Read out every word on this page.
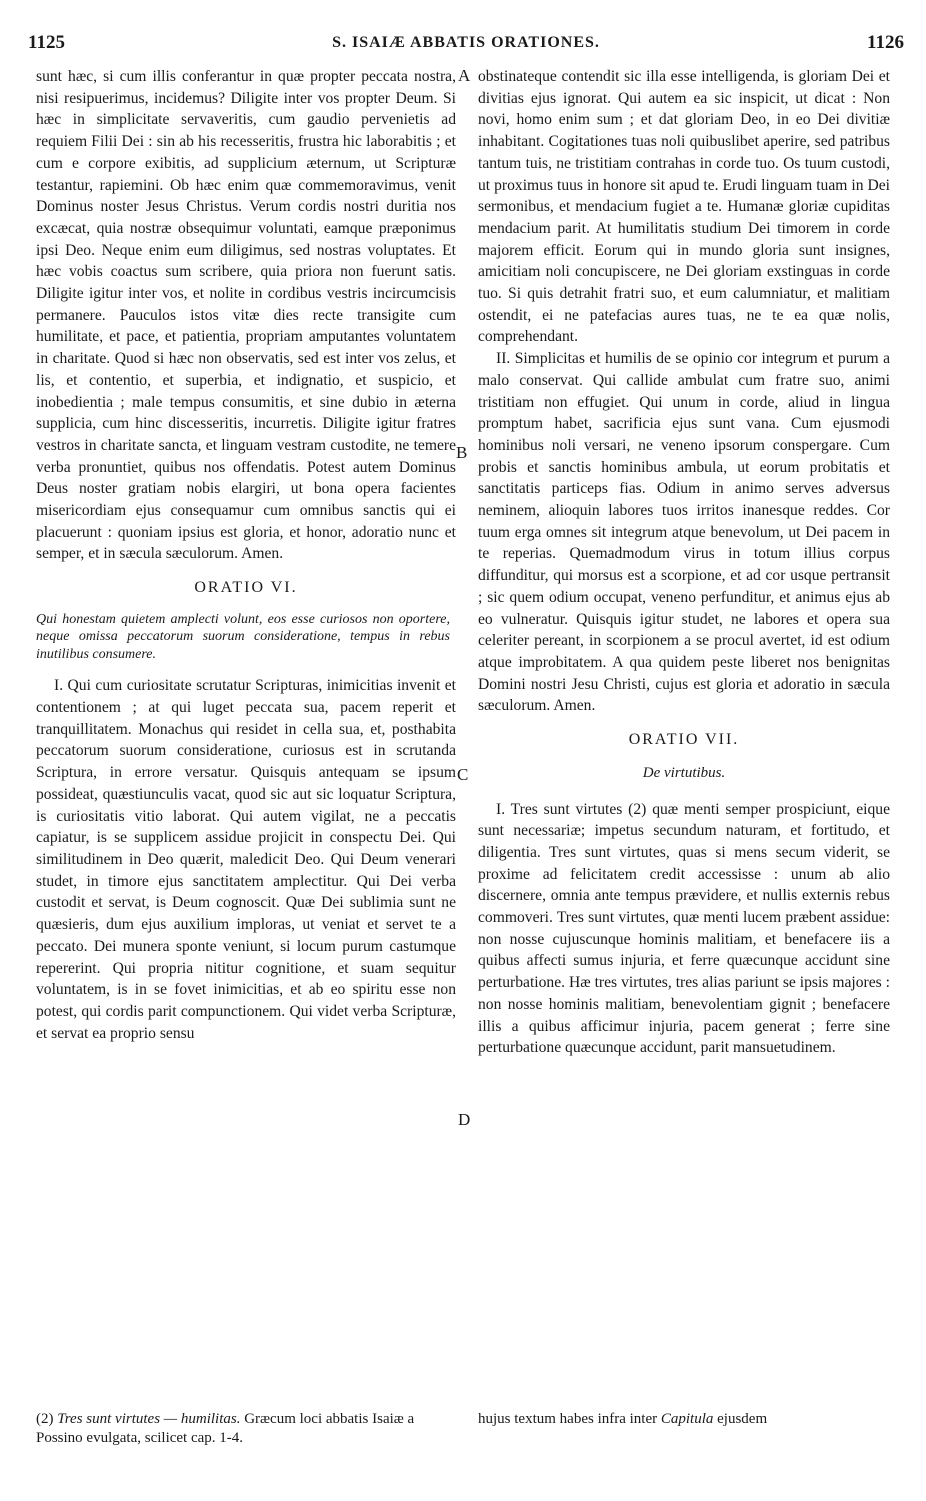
1125	S. ISAIÆ ABBATIS ORATIONES.	1126
A
B
C
D

sunt hæc, si cum illis conferantur in quæ propter peccata nostra, nisi resipuerimus, incidemus? Diligite inter vos propter Deum. Si hæc in simplicitate servaveritis, cum gaudio pervenietis ad requiem Filii Dei : sin ab his recesseritis, frustra hic laborabitis ; et cum e corpore exibitis, ad supplicium æternum, ut Scripturæ testantur, rapiemini. Ob hæc enim quæ commemoravimus, venit Dominus noster Jesus Christus. Verum cordis nostri duritia nos excæcat, quia nostræ obsequimur voluntati, eamque præponimus ipsi Deo. Neque enim eum diligimus, sed nostras voluptates. Et hæc vobis coactus sum scribere, quia priora non fuerunt satis. Diligite igitur inter vos, et nolite in cordibus vestris incircumcisis permanere. Pauculos istos vitæ dies recte transigite cum humilitate, et pace, et patientia, propriam amputantes voluntatem in charitate. Quod si hæc non observatis, sed est inter vos zelus, et lis, et contentio, et superbia, et indignatio, et suspicio, et inobedientia ; male tempus consumitis, et sine dubio in æterna supplicia, cum hinc discesseritis, incurretis. Diligite igitur fratres vestros in charitate sancta, et linguam vestram custodite, ne temere verba pronuntiet, quibus nos offendatis. Potest autem Dominus Deus noster gratiam nobis elargiri, ut bona opera facientes misericordiam ejus consequamur cum omnibus sanctis qui ei placuerunt : quoniam ipsius est gloria, et honor, adoratio nunc et semper, et in sæcula sæculorum. Amen.

ORATIO VI.
Qui honestam quietem amplecti volunt, eos esse curiosos non oportere, neque omissa peccatorum suorum consideratione, tempus in rebus inutilibus consumere.

I. Qui cum curiositate scrutatur Scripturas, inimicitias invenit et contentionem ; at qui luget peccata sua, pacem reperit et tranquillitatem. Monachus qui residet in cella sua, et, posthabita peccatorum suorum consideratione, curiosus est in scrutanda Scriptura, in errore versatur. Quisquis antequam se ipsum possideat, quæstiunculis vacat, quod sic aut sic loquatur Scriptura, is curiositatis vitio laborat. Qui autem vigilat, ne a peccatis capiatur, is se supplicem assidue projicit in conspectu Dei. Qui similitudinem in Deo quærit, maledicit Deo. Qui Deum venerari studet, in timore ejus sanctitatem amplectitur. Qui Dei verba custodit et servat, is Deum cognoscit. Quæ Dei sublimia sunt ne quæsieris, dum ejus auxilium imploras, ut veniat et servet te a peccato. Dei munera sponte veniunt, si locum purum castumque repererint. Qui propria nititur cognitione, et suam sequitur voluntatem, is in se fovet inimicitias, et ab eo spiritu esse non potest, qui cordis parit compunctionem. Qui videt verba Scripturæ, et servat ea proprio sensu

obstinateque contendit sic illa esse intelligenda, is gloriam Dei et divitias ejus ignorat. Qui autem ea sic inspicit, ut dicat : Non novi, homo enim sum ; et dat gloriam Deo, in eo Dei divitiæ inhabitant. Cogitationes tuas noli quibuslibet aperire, sed patribus tantum tuis, ne tristitiam contrahas in corde tuo. Os tuum custodi, ut proximus tuus in honore sit apud te. Erudi linguam tuam in Dei sermonibus, et mendacium fugiet a te. Humanæ gloriæ cupiditas mendacium parit. At humilitatis studium Dei timorem in corde majorem efficit. Eorum qui in mundo gloria sunt insignes, amicitiam noli concupiscere, ne Dei gloriam exstinguas in corde tuo. Si quis detrahit fratri suo, et eum calumniatur, et malitiam ostendit, ei ne patefacias aures tuas, ne te ea quæ nolis, comprehendant.

II. Simplicitas et humilis de se opinio cor integrum et purum a malo conservat. Qui callide ambulat cum fratre suo, animi tristitiam non effugiet. Qui unum in corde, aliud in lingua promptum habet, sacrificia ejus sunt vana. Cum ejusmodi hominibus noli versari, ne veneno ipsorum conspergare. Cum probis et sanctis hominibus ambula, ut eorum probitatis et sanctitatis particeps fias. Odium in animo serves adversus neminem, alioquin labores tuos irritos inanesque reddes. Cor tuum erga omnes sit integrum atque benevolum, ut Dei pacem in te reperias. Quemadmodum virus in totum illius corpus diffunditur, qui morsus est a scorpione, et ad cor usque pertransit ; sic quem odium occupat, veneno perfunditur, et animus ejus ab eo vulneratur. Quisquis igitur studet, ne labores et opera sua celeriter pereant, in scorpionem a se procul avertet, id est odium atque improbitatem. A qua quidem peste liberet nos benignitas Domini nostri Jesu Christi, cujus est gloria et adoratio in sæcula sæculorum. Amen.

ORATIO VII.
De virtutibus.

I. Tres sunt virtutes (2) quæ menti semper prospiciunt, eique sunt necessariæ; impetus secundum naturam, et fortitudo, et diligentia. Tres sunt virtutes, quas si mens secum viderit, se proxime ad felicitatem credit accessisse : unum ab alio discernere, omnia ante tempus prævidere, et nullis externis rebus commoveri. Tres sunt virtutes, quæ menti lucem præbent assidue: non nosse cujuscunque hominis malitiam, et benefacere iis a quibus affecti sumus injuria, et ferre quæcunque accidunt sine perturbatione. Hæ tres virtutes, tres alias pariunt se ipsis majores : non nosse hominis malitiam, benevolentiam gignit ; benefacere illis a quibus afficimur injuria, pacem generat ; ferre sine perturbatione quæcunque accidunt, parit mansuetudinem.

(2) Tres sunt virtutes — humilitas. Græcum loci abbatis Isaiæ a Possino evulgata, scilicet cap. 1-4.
hujus textum habes infra inter Capitula ejusdem
